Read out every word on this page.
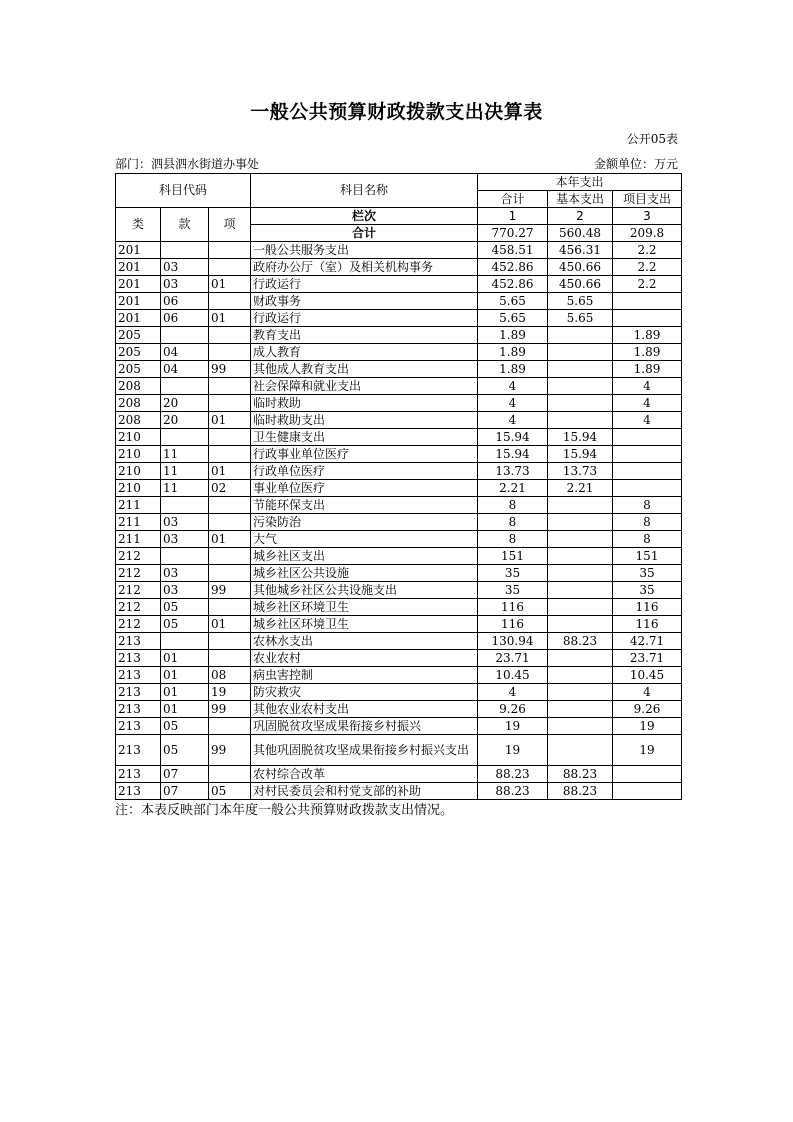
一般公共预算财政拨款支出决算表
公开05表
部门：泗县泗水街道办事处	金额单位：万元
科目代码			科目名称	本年支出		
				合计	基本支出	项目支出
类	款	项	栏次	1	2	3
			合计	770.27	560.48	209.8
201			一般公共服务支出	458.51	456.31	2.2
201	03		政府办公厅（室）及相关机构事务	452.86	450.66	2.2
201	03	01	行政运行	452.86	450.66	2.2
201	06		财政事务	5.65	5.65	
201	06	01	行政运行	5.65	5.65	
205			教育支出	1.89		1.89
205	04		成人教育	1.89		1.89
205	04	99	其他成人教育支出	1.89		1.89
208			社会保障和就业支出	4		4
208	20		临时救助	4		4
208	20	01	临时救助支出	4		4
210			卫生健康支出	15.94	15.94	
210	11		行政事业单位医疗	15.94	15.94	
210	11	01	行政单位医疗	13.73	13.73	
210	11	02	事业单位医疗	2.21	2.21	
211			节能环保支出	8		8
211	03		污染防治	8		8
211	03	01	大气	8		8
212			城乡社区支出	151		151
212	03		城乡社区公共设施	35		35
212	03	99	其他城乡社区公共设施支出	35		35
212	05		城乡社区环境卫生	116		116
212	05	01	城乡社区环境卫生	116		116
213			农林水支出	130.94	88.23	42.71
213	01		农业农村	23.71		23.71
213	01	08	病虫害控制	10.45		10.45
213	01	19	防灾救灾	4		4
213	01	99	其他农业农村支出	9.26		9.26
213	05		巩固脱贫攻坚成果衔接乡村振兴	19		19
213	05	99	其他巩固脱贫攻坚成果衔接乡村振兴支出	19		19
213	07		农村综合改革	88.23	88.23	
213	07	05	对村民委员会和村党支部的补助	88.23	88.23	
注：本表反映部门本年度一般公共预算财政拨款支出情况。
